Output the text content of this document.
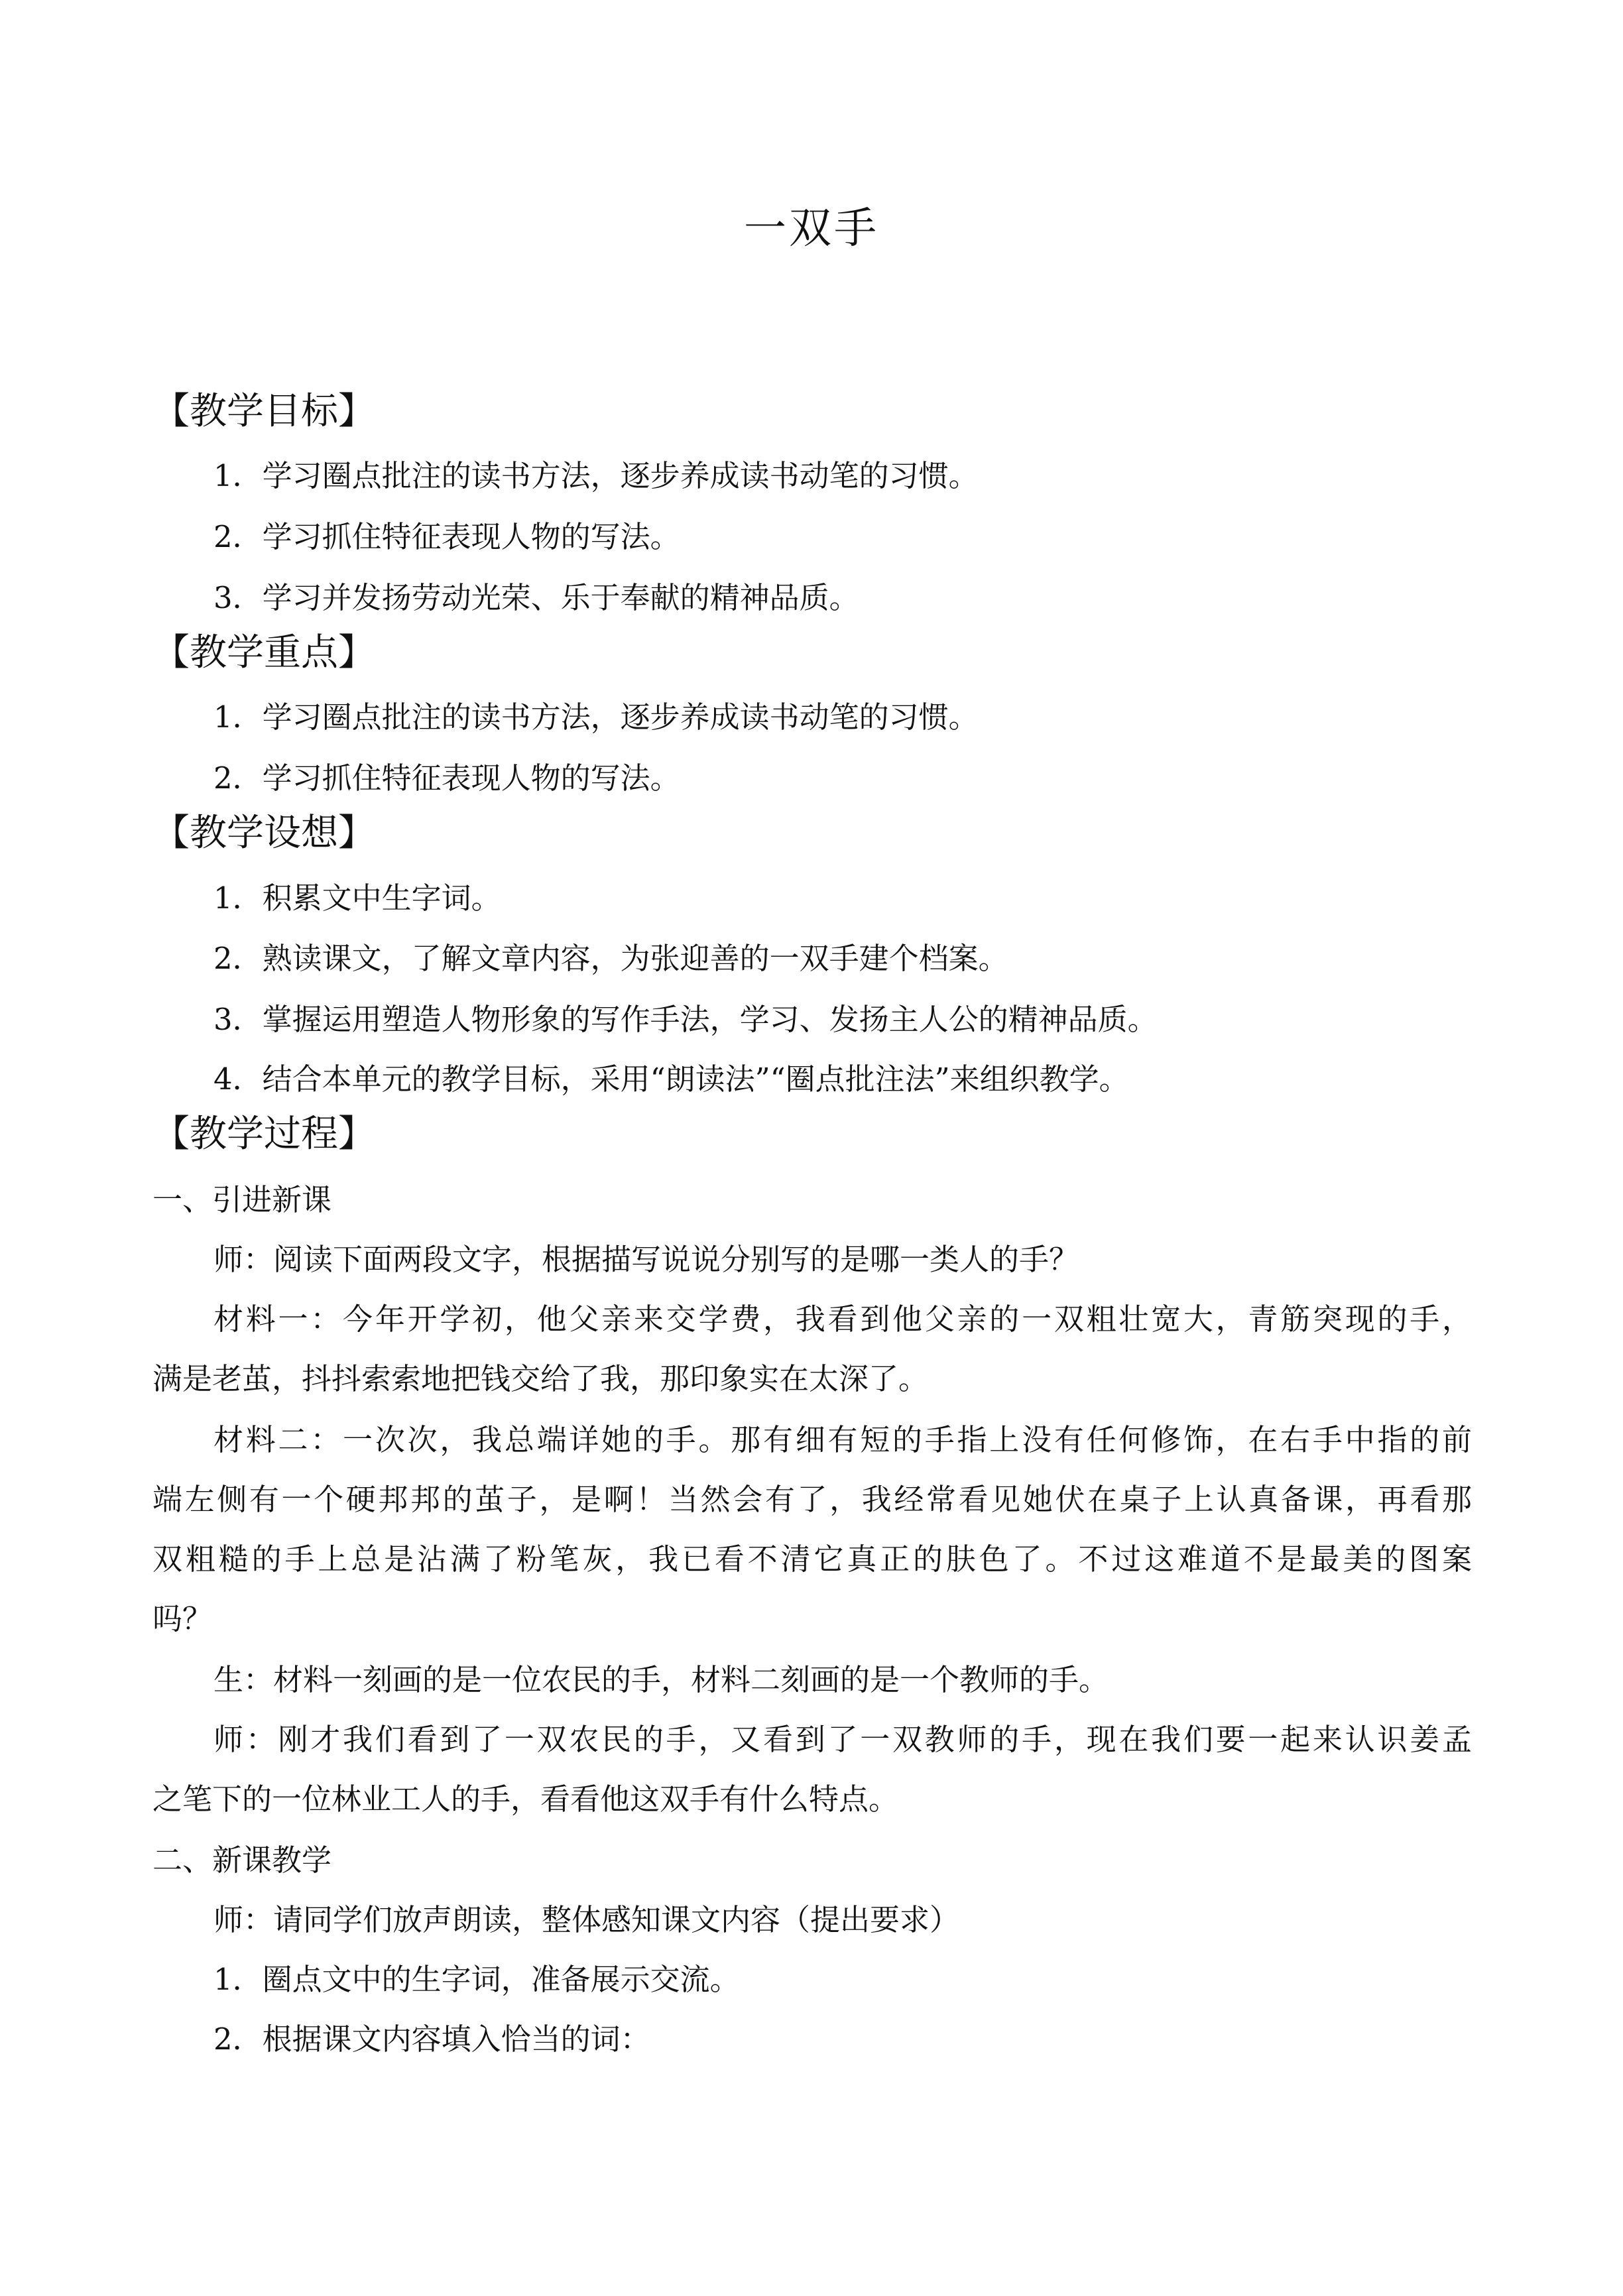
一双手
【教学目标】
1．学习圈点批注的读书方法，逐步养成读书动笔的习惯。
2．学习抓住特征表现人物的写法。
3．学习并发扬劳动光荣、乐于奉献的精神品质。
【教学重点】
1．学习圈点批注的读书方法，逐步养成读书动笔的习惯。
2．学习抓住特征表现人物的写法。
【教学设想】
1．积累文中生字词。
2．熟读课文，了解文章内容，为张迎善的一双手建个档案。
3．掌握运用塑造人物形象的写作手法，学习、发扬主人公的精神品质。
4．结合本单元的教学目标，采用“朗读法”“圈点批注法”来组织教学。
【教学过程】
一、引进新课
师：阅读下面两段文字，根据描写说说分别写的是哪一类人的手？
材料一：今年开学初，他父亲来交学费，我看到他父亲的一双粗壮宽大，青筋突现的手，
满是老茧，抖抖索索地把钱交给了我，那印象实在太深了。
材料二：一次次，我总端详她的手。那有细有短的手指上没有任何修饰，在右手中指的前
端左侧有一个硬邦邦的茧子，是啊！当然会有了，我经常看见她伏在桌子上认真备课，再看那
双粗糙的手上总是沾满了粉笔灰，我已看不清它真正的肤色了。不过这难道不是最美的图案
吗？
生：材料一刻画的是一位农民的手，材料二刻画的是一个教师的手。
师：刚才我们看到了一双农民的手，又看到了一双教师的手，现在我们要一起来认识姜孟
之笔下的一位林业工人的手，看看他这双手有什么特点。
二、新课教学
师：请同学们放声朗读，整体感知课文内容（提出要求）
1．圈点文中的生字词，准备展示交流。
2．根据课文内容填入恰当的词：
